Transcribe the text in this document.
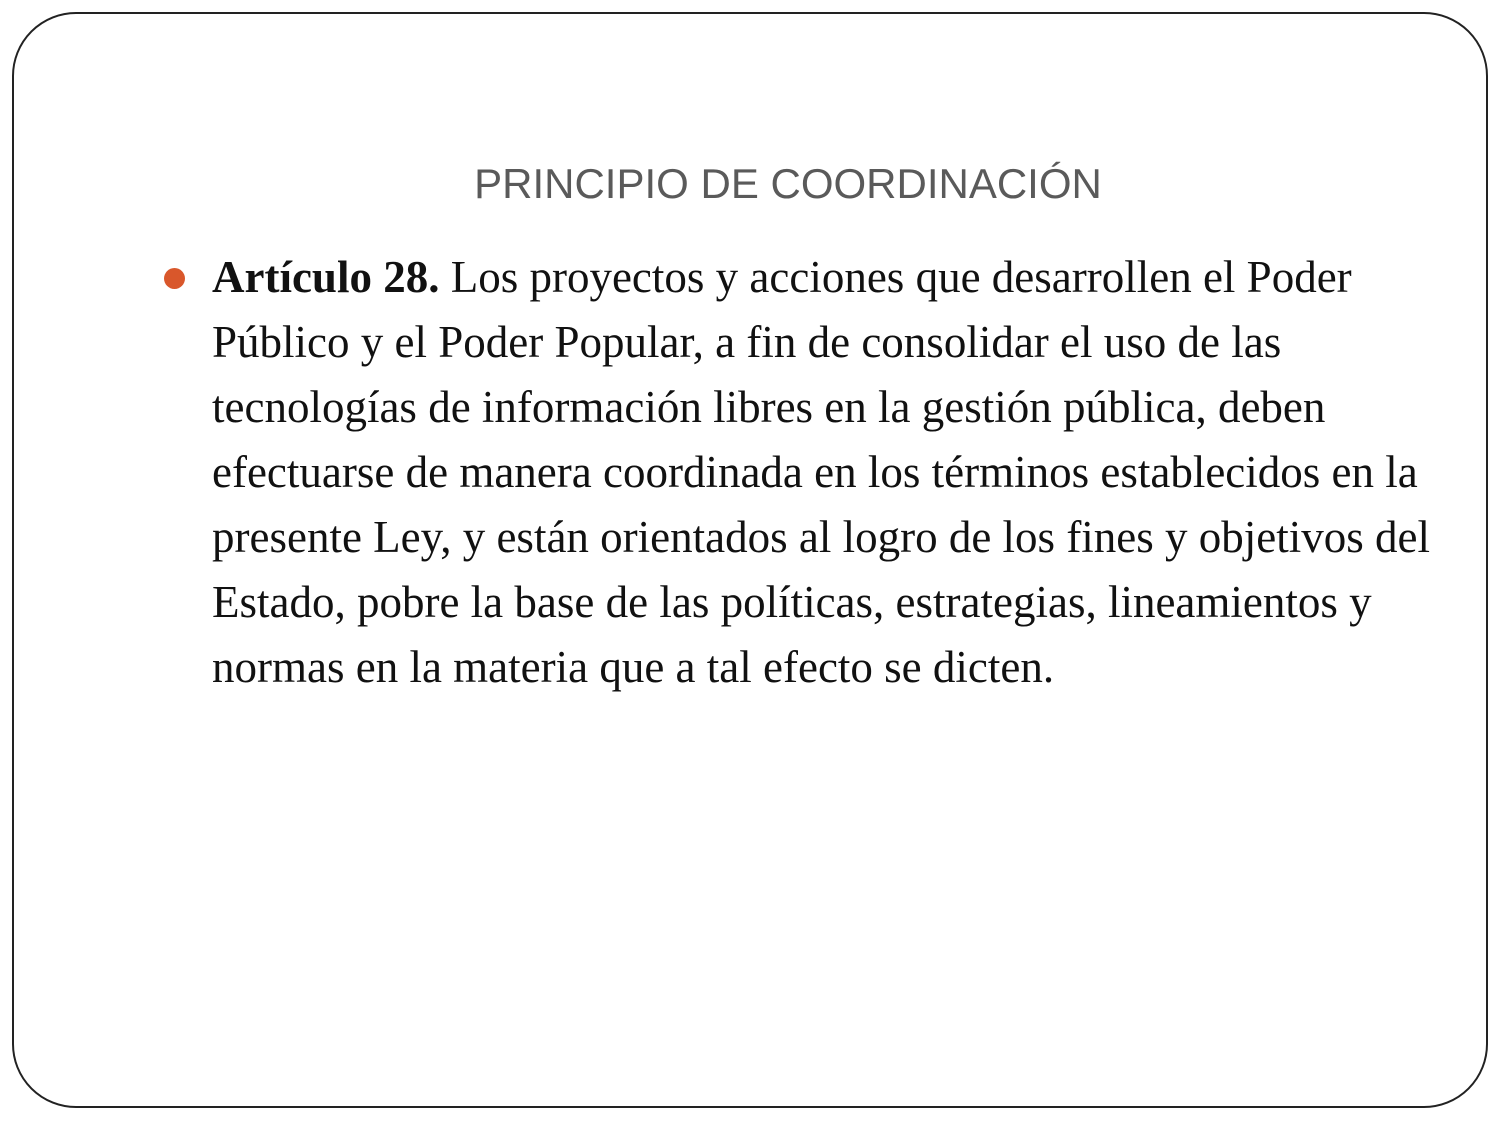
PRINCIPIO DE COORDINACIÓN
Artículo 28. Los proyectos y acciones que desarrollen el Poder Público y el Poder Popular, a fin de consolidar el uso de las tecnologías de información libres en la gestión pública, deben efectuarse de manera coordinada en los términos establecidos en la presente Ley, y están orientados al logro de los fines y objetivos del Estado, pobre la base de las políticas, estrategias, lineamientos y normas en la materia que a tal efecto se dicten.
